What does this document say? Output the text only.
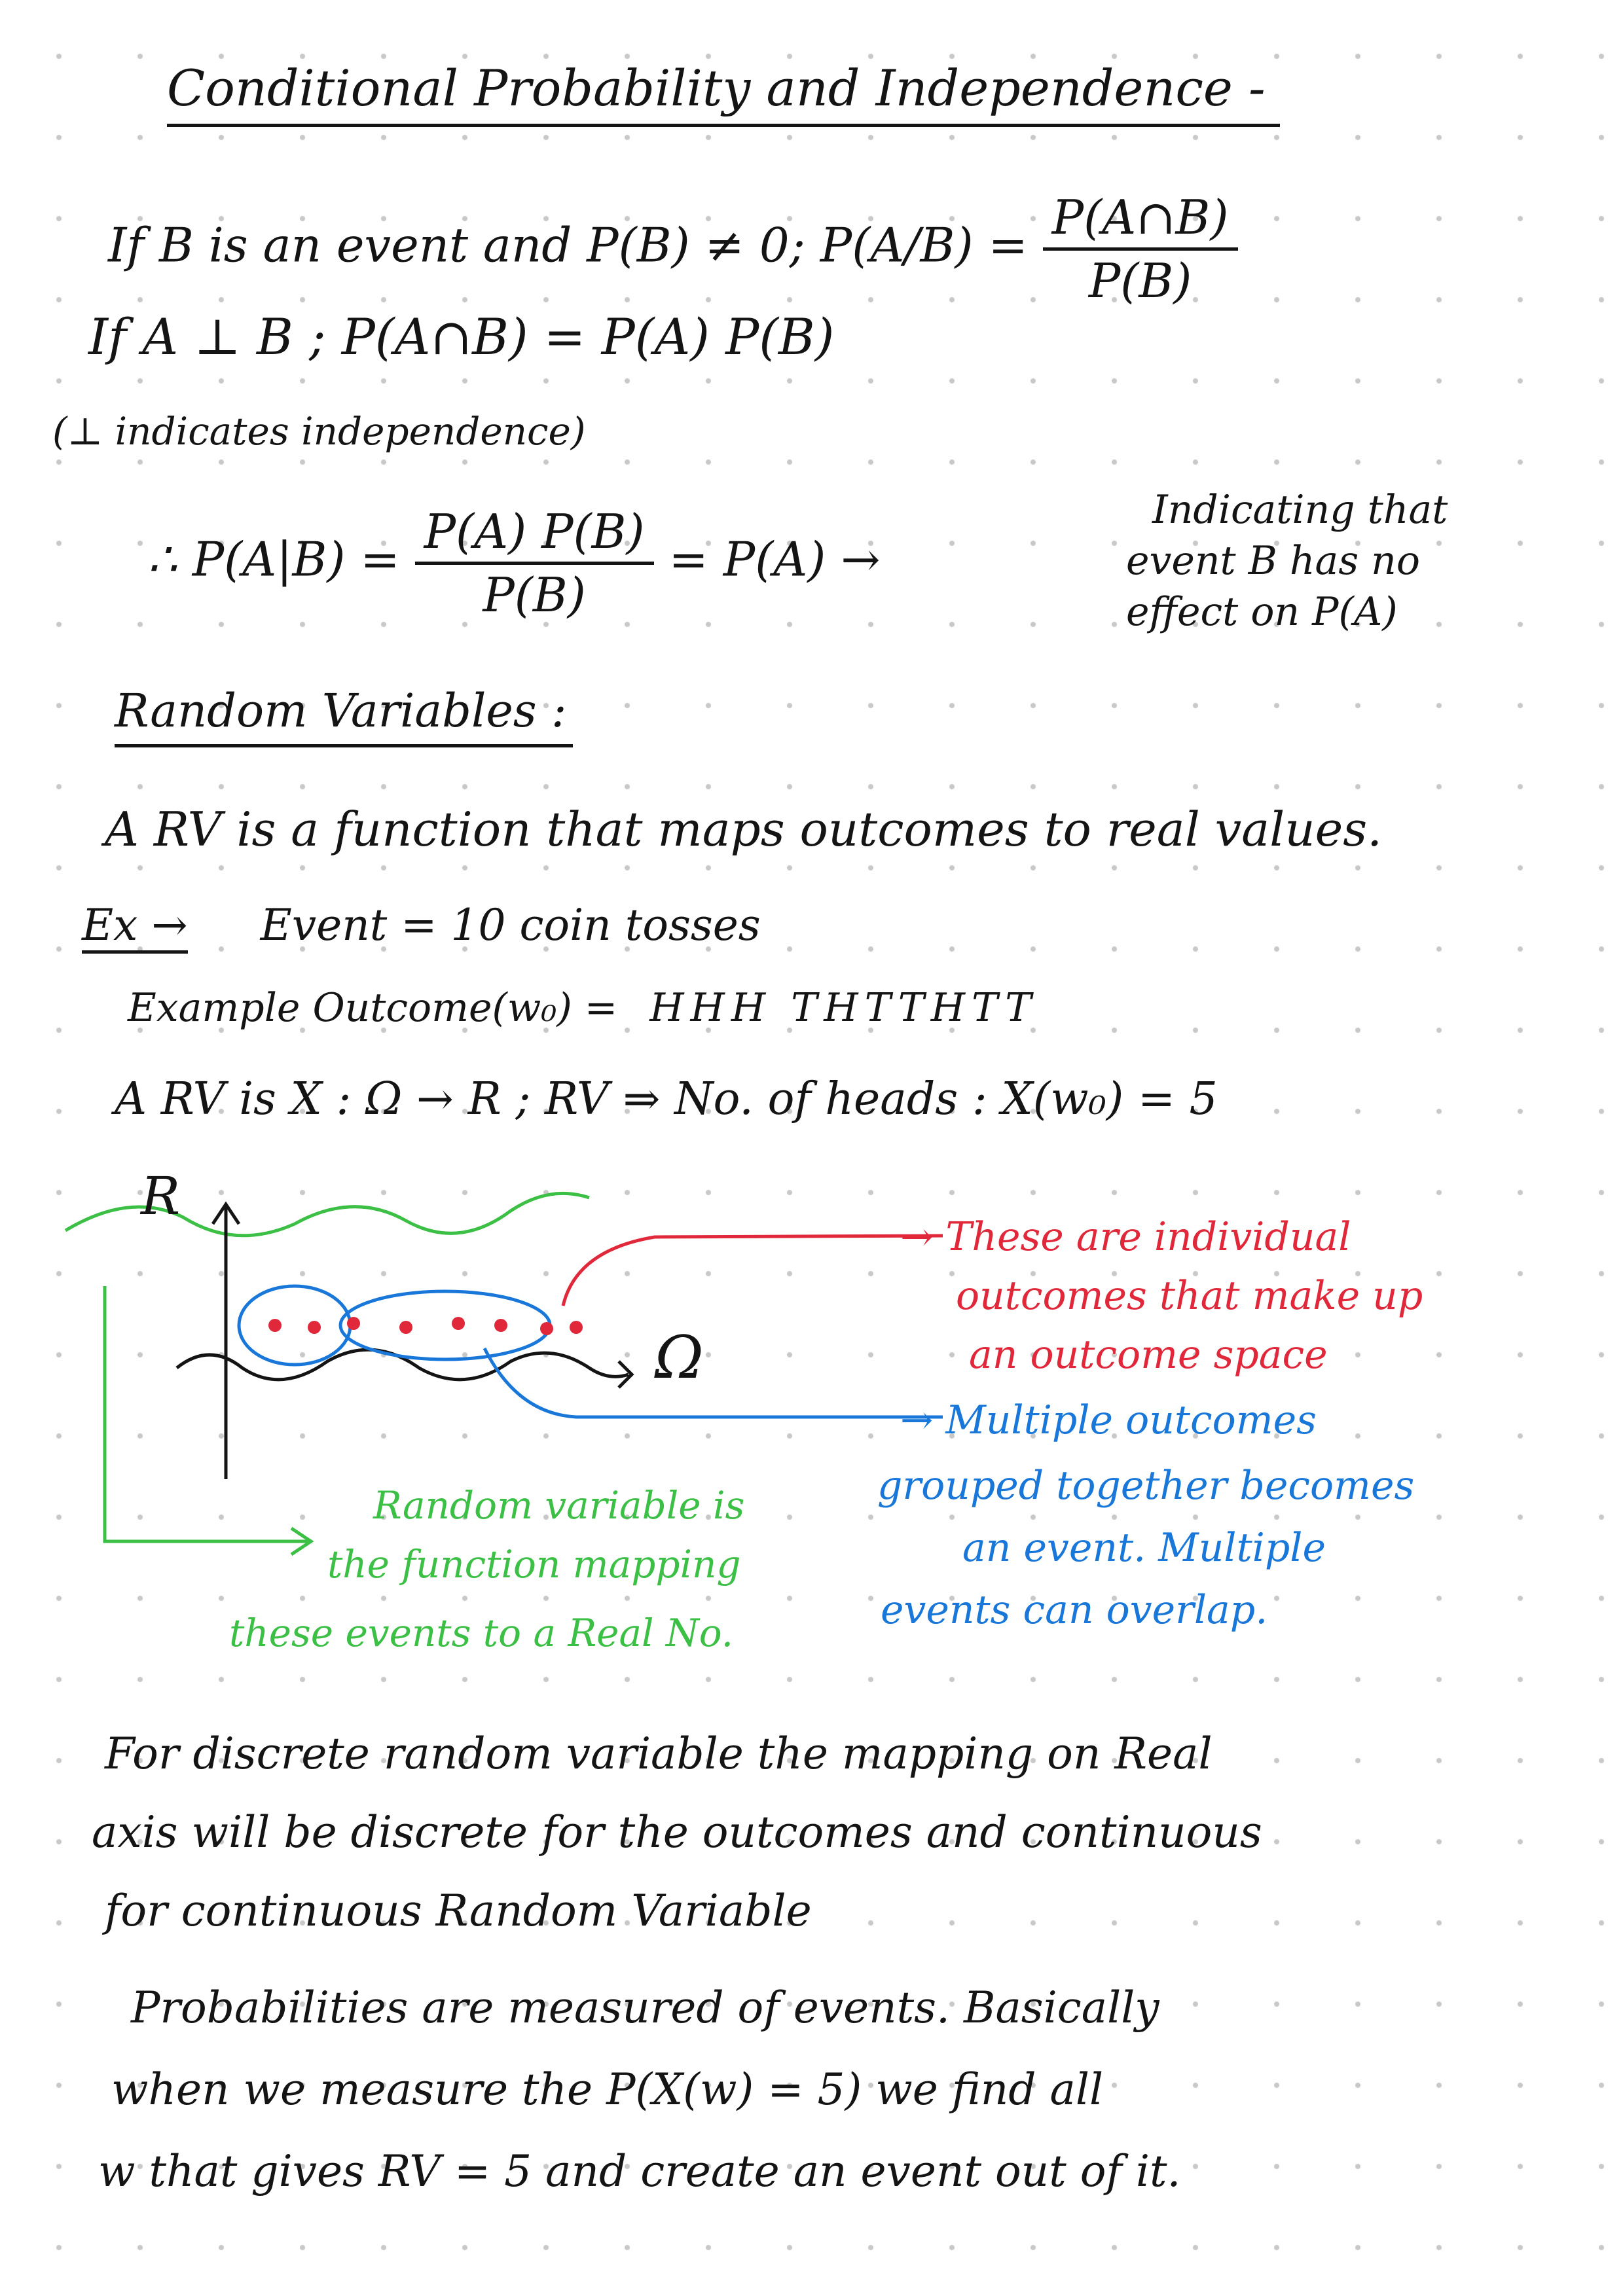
Conditional Probability and Independence -
If B is an event and P(B) ≠ 0; $P(A/B) = \frac{P(A\cap B)}{P(B)}$
If A ⊥ B ; P(A∩B) = P(A) P(B)
(⊥ indicates independence)
∴ $P(A|B) = \frac{P(A) P(B)}{P(B)} = P(A)$ →
Indicating that
event B has no
effect on P(A)
Random Variables :
A RV is a function that maps outcomes to real values.
Ex → Event = 10 coin tosses
Example Outcome(w₀) = HHH THTTHTT
A RV is X : Ω → R ; RV ⇒ No. of heads : X(w₀) = 5
R
Ω
→ These are individual
outcomes that make up
an outcome space
→ Multiple outcomes
grouped together becomes
an event. Multiple
events can overlap.
Random variable is
the function mapping
these events to a Real No.
For discrete random variable the mapping on Real
axis will be discrete for the outcomes and continuous
for continuous Random Variable
Probabilities are measured of events. Basically
when we measure the P(X(w) = 5) we find all
w that gives RV = 5 and create an event out of it.
